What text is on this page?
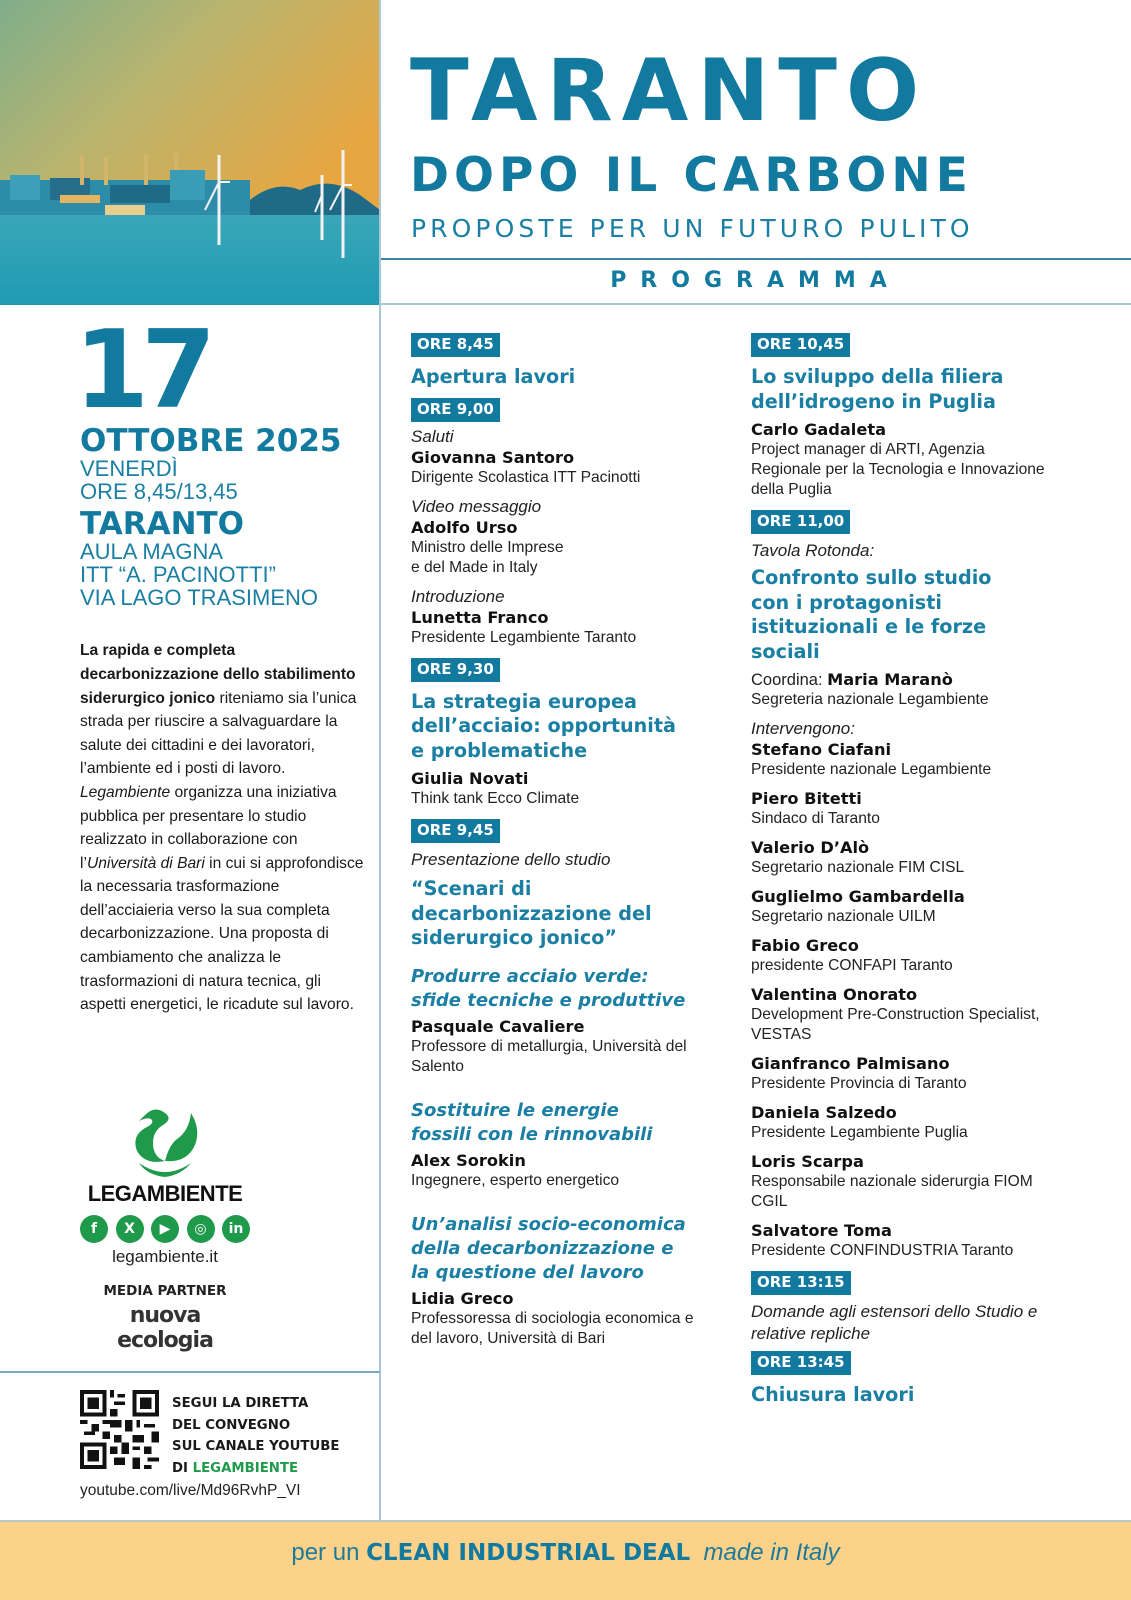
TARANTO
DOPO IL CARBONE
PROPOSTE PER UN FUTURO PULITO
PROGRAMMA
17
OTTOBRE 2025
VENERDÌ
ORE 8,45/13,45
TARANTO
AULA MAGNA
ITT “A. PACINOTTI”
VIA LAGO TRASIMENO
La rapida e completa decarbonizzazione dello stabilimento siderurgico jonico riteniamo sia l’unica strada per riuscire a salvaguardare la salute dei cittadini e dei lavoratori, l’ambiente ed i posti di lavoro. Legambiente organizza una iniziativa pubblica per presentare lo studio realizzato in collaborazione con l’Università di Bari in cui si approfondisce la necessaria trasformazione dell’acciaieria verso la sua completa decarbonizzazione. Una proposta di cambiamento che analizza le trasformazioni di natura tecnica, gli aspetti energetici, le ricadute sul lavoro.
LEGAMBIENTE
f	X	▶	◎	in
legambiente.it
MEDIA PARTNER
nuova ecologia
SEGUI LA DIRETTA
DEL CONVEGNO
SUL CANALE YOUTUBE
DI LEGAMBIENTE
youtube.com/live/Md96RvhP_VI
ORE 8,45
Apertura lavori
ORE 9,00
Saluti
Giovanna Santoro
Dirigente Scolastica ITT Pacinotti
Video messaggio
Adolfo Urso
Ministro delle Imprese
e del Made in Italy
Introduzione
Lunetta Franco
Presidente Legambiente Taranto
ORE 9,30
La strategia europea dell’acciaio: opportunità e problematiche
Giulia Novati
Think tank Ecco Climate
ORE 9,45
Presentazione dello studio
“Scenari di decarbonizzazione del siderurgico jonico”
Produrre acciaio verde: sfide tecniche e produttive
Pasquale Cavaliere
Professore di metallurgia, Università del Salento
Sostituire le energie fossili con le rinnovabili
Alex Sorokin
Ingegnere, esperto energetico
Un’analisi socio-economica della decarbonizzazione e la questione del lavoro
Lidia Greco
Professoressa di sociologia economica e del lavoro, Università di Bari
ORE 10,45
Lo sviluppo della filiera dell’idrogeno in Puglia
Carlo Gadaleta
Project manager di ARTI, Agenzia Regionale per la Tecnologia e Innovazione della Puglia
ORE 11,00
Tavola Rotonda:
Confronto sullo studio con i protagonisti istituzionali e le forze sociali
Coordina: Maria Maranò
Segreteria nazionale Legambiente
Intervengono:
Stefano Ciafani
Presidente nazionale Legambiente
Piero Bitetti
Sindaco di Taranto
Valerio D’Alò
Segretario nazionale FIM CISL
Guglielmo Gambardella
Segretario nazionale UILM
Fabio Greco
presidente CONFAPI Taranto
Valentina Onorato
Development Pre-Construction Specialist, VESTAS
Gianfranco Palmisano
Presidente Provincia di Taranto
Daniela Salzedo
Presidente Legambiente Puglia
Loris Scarpa
Responsabile nazionale siderurgia FIOM CGIL
Salvatore Toma
Presidente CONFINDUSTRIA Taranto
ORE 13:15
Domande agli estensori dello Studio e relative repliche
ORE 13:45
Chiusura lavori
per un CLEAN INDUSTRIAL DEAL made in Italy
